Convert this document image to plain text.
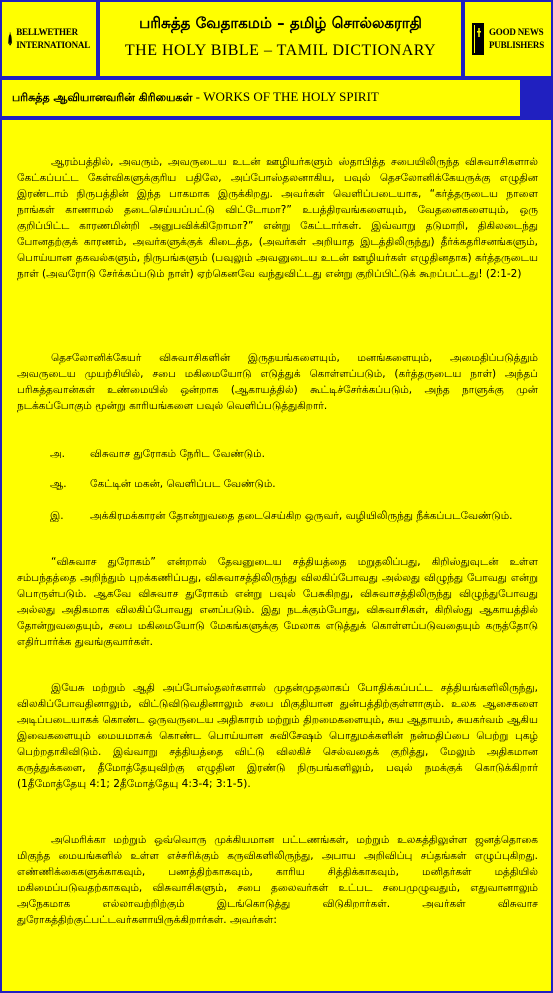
BELLWETHER
INTERNATIONAL
பரிசுத்த வேதாகமம் – தமிழ் சொல்லகராதி
THE HOLY BIBLE – TAMIL DICTIONARY
GOOD NEWS
PUBLISHERS
பரிசுத்த ஆவியானவரின் கிரியைகள் - WORKS OF THE HOLY SPIRIT

ஆரம்பத்தில், அவரும், அவருடைய உடன் ஊழியர்களும் ஸ்தாபித்த சபையிலிருந்த விசுவாசிகளால் கேட்கப்பட்ட கேள்விகளுக்குரிய பதிலே, அப்போஸ்தலனாகிய, பவுல் தெசலோனிக்கேயருக்கு எழுதின இரண்டாம் நிருபத்தின் இந்த பாகமாக இருக்கிறது. அவர்கள் வெளிப்படையாக, “கர்த்தருடைய நாளை நாங்கள் காணாமல் தடைசெய்யப்பட்டு விட்டோமா?” உபத்திரவங்களையும், வேதனைகளையும், ஒரு குறிப்பிட்ட காரணமின்றி அனுபவிக்கிறோமா?” என்று கேட்டார்கள். இவ்வாறு தடுமாறி, திகிலடைந்து போனதற்குக் காரணம், அவர்களுக்குக் கிடைத்த, (அவர்கள் அறியாத இடத்திலிருந்து) தீர்க்கதரிசனங்களும், பொய்யான தகவல்களும், நிருபங்களும் (பவுலும் அவனுடைய உடன் ஊழியர்கள் எழுதினதாக) கர்த்தருடைய நாள் (அவரோடு சேர்க்கப்படும் நாள்) ஏற்கெனவே வந்துவிட்டது என்று குறிப்பிட்டுக் கூறப்பட்டது! (2:1-2)

தெசலோனிக்கேயர் விசுவாசிகளின் இருதயங்களையும், மனங்களையும், அமைதிப்படுத்தும் அவருடைய முயற்சியில், சபை மகிமையோடு எடுத்துக் கொள்ளப்படும், (கர்த்தருடைய நாள்) அந்தப் பரிசுத்தவான்கள் உண்மையில் ஒன்றாக (ஆகாயத்தில்) கூட்டிச்சேர்க்கப்படும், அந்த நாளுக்கு முன் நடக்கப்போகும் மூன்று காரியங்களை பவுல் வெளிப்படுத்துகிறார்.

அ. விசுவாச துரோகம் நேரிட வேண்டும்.
ஆ. கேட்டின் மகன், வெளிப்பட வேண்டும்.
இ.	அக்கிரமக்காரன் தோன்றுவதை தடைசெய்கிற ஒருவர், வழியிலிருந்து நீக்கப்படவேண்டும்.

“விசுவாச துரோகம்” என்றால் தேவனுடைய சத்தியத்தை மறுதலிப்பது, கிறிஸ்துவுடன் உள்ள சம்பந்தத்தை அறிந்தும் புறக்கணிப்பது, விசுவாசத்திலிருந்து விலகிப்போவது அல்லது விழுந்து போவது என்று பொருள்படும். ஆகவே விசுவாச துரோகம் என்று பவுல் பேசுகிறது, விசுவாசத்திலிருந்து விழுந்துபோவது அல்லது அதிகமாக விலகிப்போவது எனப்படும். இது நடக்கும்போது, விசுவாசிகள், கிறிஸ்து ஆகாயத்தில் தோன்றுவதையும், சபை மகிமையோடு மேகங்களுக்கு மேலாக எடுத்துக் கொள்ளப்படுவதையும் கருத்தோடு எதிர்பார்க்க துவங்குவார்கள்.

இயேசு மற்றும் ஆதி அப்போஸ்தலர்களால் முதன்முதலாகப் போதிக்கப்பட்ட சத்தியங்களிலிருந்து, விலகிப்போவதினாலும், விட்டுவிடுவதினாலும் சபை மிகுதியான துன்பத்திற்குள்ளாகும். உலக ஆசைகளை அடிப்படையாகக் கொண்ட ஒருவருடைய அதிகாரம் மற்றும் திறமைகளையும், சுய ஆதாயம், சுயகர்வம் ஆகிய இவைகளையும் மையமாகக் கொண்ட பொய்யான சுவிசேஷம் பொதுமக்களின் நன்மதிப்பை பெற்று புகழ் பெற்றதாகிவிடும். இவ்வாறு சத்தியத்தை விட்டு விலகிச் செல்வதைக் குறித்து, மேலும் அதிகமான கருத்துக்களை, தீமோத்தேயுவிற்கு எழுதின இரண்டு நிருபங்களிலும், பவுல் நமக்குக் கொடுக்கிறார் (1தீமோத்தேயு 4:1; 2தீமோத்தேயு 4:3-4; 3:1-5).

அமெரிக்கா மற்றும் ஒவ்வொரு முக்கியமான பட்டணங்கள், மற்றும் உலகத்திலுள்ள ஜனத்தொகை மிகுந்த மையங்களில் உள்ள எச்சரிக்கும் கருவிகளிலிருந்து, அபாய அறிவிப்பு சப்தங்கள் எழுப்புகிறது. எண்ணிக்கைகளுக்காகவும், பணத்திற்காகவும், காரிய சித்திக்காகவும், மனிதர்கள் மத்தியில் மகிமைப்படுவதற்காகவும், விசுவாசிகளும், சபை தலைவர்கள் உட்பட சபைமுழுவதும், எதுவானாலும் அநேகமாக எல்லாவற்றிற்கும் இடங்கொடுத்து விடுகிறார்கள். அவர்கள் விசுவாச துரோகத்திற்குட்பட்டவர்களாயிருக்கிறார்கள். அவர்கள்:
